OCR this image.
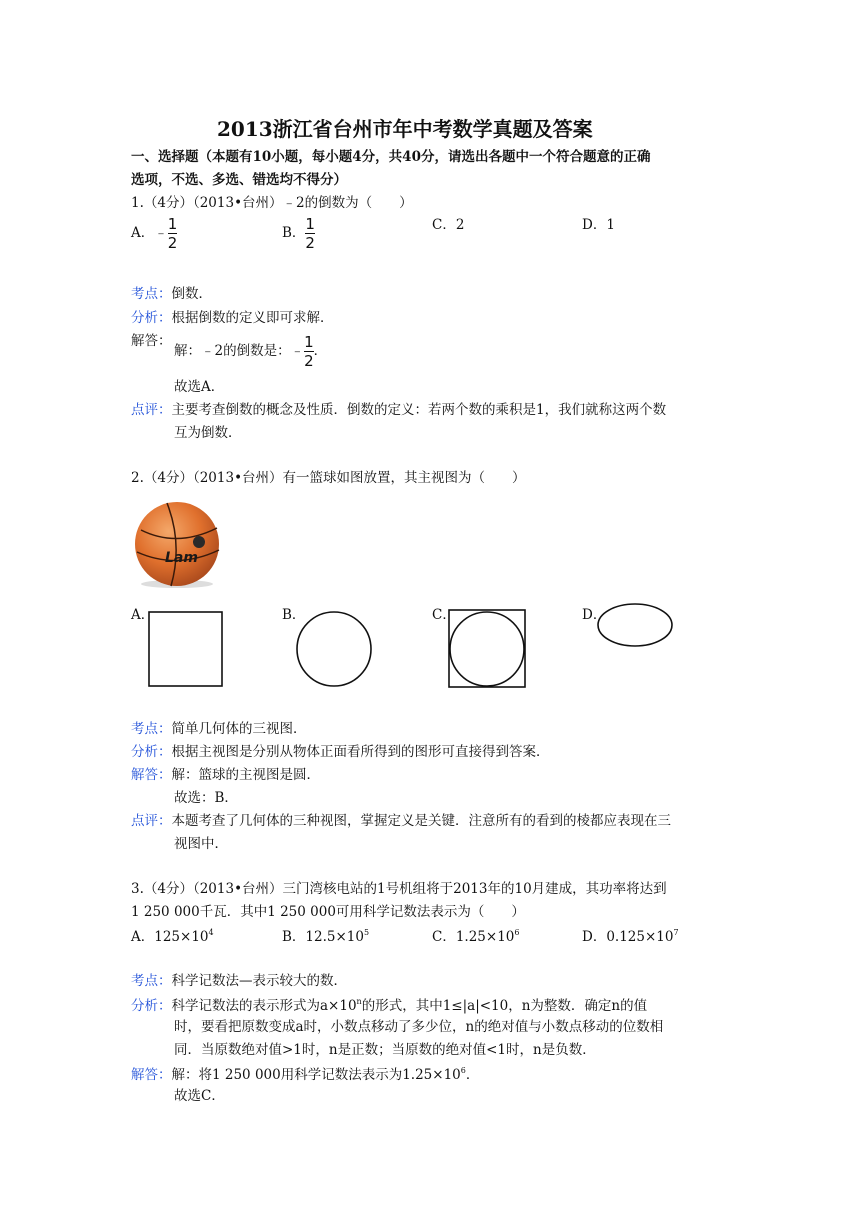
2013浙江省台州市年中考数学真题及答案
一、选择题（本题有10小题，每小题4分，共40分，请选出各题中一个符合题意的正确
选项，不选、多选、错选均不得分）
1.（4分）（2013•台州）﹣2的倒数为（　　）
A．﹣ $\frac{1}{2}$	B． $\frac{1}{2}$	C．2	D．1
考点：倒数．
分析：根据倒数的定义即可求解．
解答：
解：﹣2的倒数是：﹣ $\frac{1}{2}$ ．
故选A．
点评：主要考查倒数的概念及性质．倒数的定义：若两个数的乘积是1，我们就称这两个数
互为倒数．
2.（4分）（2013•台州）有一篮球如图放置，其主视图为（　　）
Lam
A．	B．	C．	D．
考点：简单几何体的三视图．
分析：根据主视图是分别从物体正面看所得到的图形可直接得到答案．
解答：解：篮球的主视图是圆．
故选：B．
点评：本题考查了几何体的三种视图，掌握定义是关键．注意所有的看到的棱都应表现在三
视图中．
3.（4分）（2013•台州）三门湾核电站的1号机组将于2013年的10月建成，其功率将达到
1 250 000千瓦．其中1 250 000可用科学记数法表示为（　　）
A．$125\times 10^4$	B．$12.5\times 10^5$	C．$1.25\times 10^6$	D．$0.125\times 10^7$
考点：科学记数法—表示较大的数．
分析：科学记数法的表示形式为$a\times 10^n$的形式，其中1≤|a|<10，n为整数．确定n的值
时，要看把原数变成a时，小数点移动了多少位，n的绝对值与小数点移动的位数相
同．当原数绝对值>1时，n是正数；当原数的绝对值<1时，n是负数．
解答：解：将1 250 000用科学记数法表示为$1.25\times 10^6$．
故选C．
